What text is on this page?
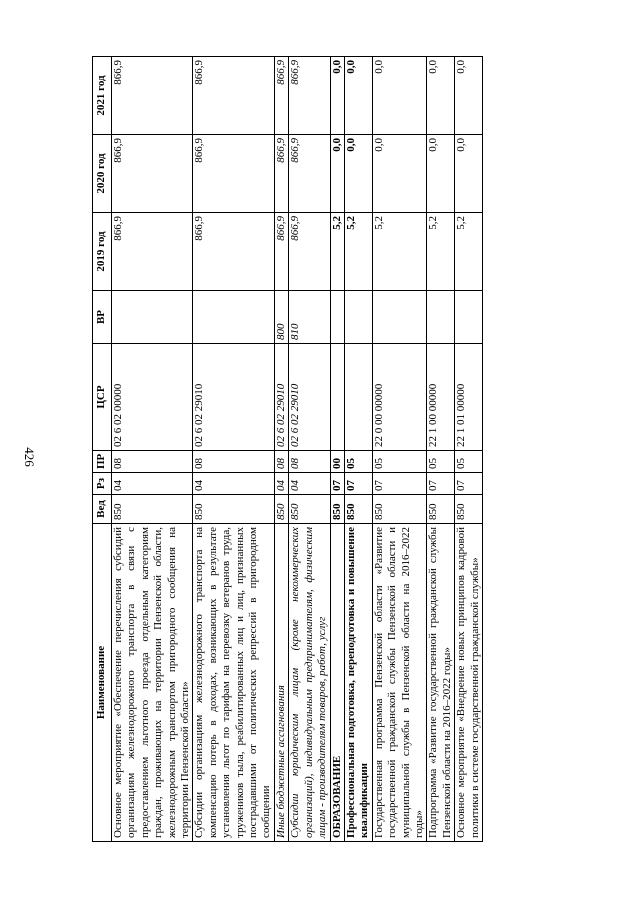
426
Наименование	Вед	Рз	ПР	ЦСР	ВР	2019 год	2020 год	2021 год
Основное мероприятие «Обеспечение перечисления субсидий организациям железнодорожного транспорта в связи с предоставлением льготного проезда отдельным категориям граждан, проживающих на территории Пензенской области, железнодорожным транспортом пригородного сообщения на территории Пензенской области»	850	04	08	02 6 02 00000		866,9	866,9	866,9
Субсидии организациям железнодорожного транспорта на компенсацию потерь в доходах, возникающих в результате установления льгот по тарифам на перевозку ветеранов труда, тружеников тыла, реабилитированных лиц и лиц, признанных пострадавшими от политических репрессий в пригородном сообщении	850	04	08	02 6 02 29010		866,9	866,9	866,9
Иные бюджетные ассигнования	850	04	08	02 6 02 29010	800	866,9	866,9	866,9
Субсидии юридическим лицам (кроме некоммерческих организаций), индивидуальным предпринимателям, физическим лицам - производителям товаров, работ, услуг	850	04	08	02 6 02 29010	810	866,9	866,9	866,9
ОБРАЗОВАНИЕ	850	07	00			5,2	0,0	0,0
Профессиональная подготовка, переподготовка и повышение квалификации	850	07	05			5,2	0,0	0,0
Государственная программа Пензенской области «Развитие государственной гражданской службы Пензенской области и муниципальной службы в Пензенской области на 2016–2022 годы»	850	07	05	22 0 00 00000		5,2	0,0	0,0
Подпрограмма «Развитие государственной гражданской службы Пензенской области на 2016–2022 годы»	850	07	05	22 1 00 00000		5,2	0,0	0,0
Основное мероприятие «Внедрение новых принципов кадровой политики в системе государственной гражданской службы»	850	07	05	22 1 01 00000		5,2	0,0	0,0
